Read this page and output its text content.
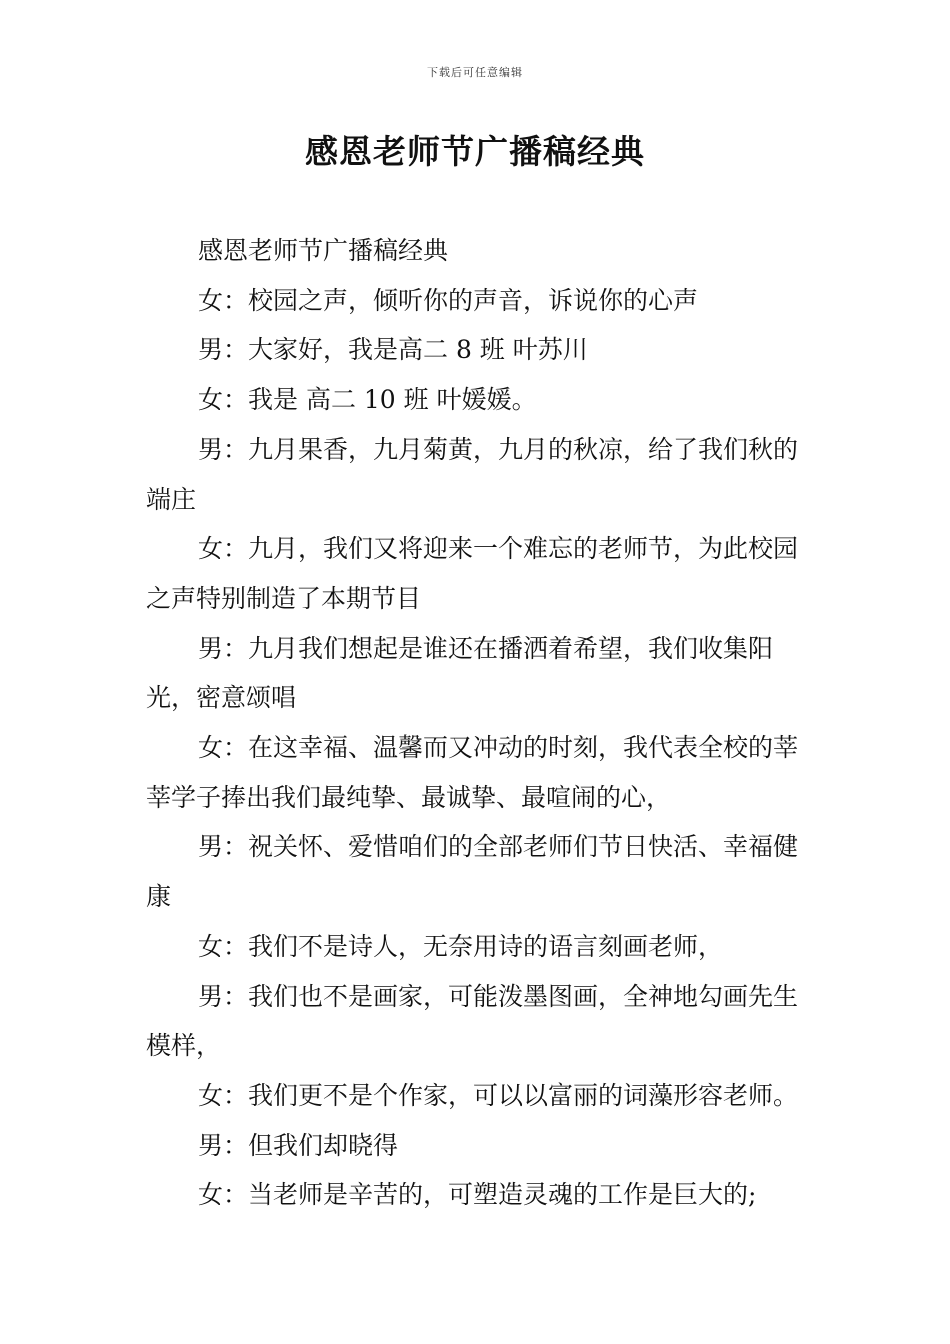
下载后可任意编辑
感恩老师节广播稿经典

感恩老师节广播稿经典

女：校园之声，倾听你的声音，诉说你的心声

男：大家好，我是高二 8 班 叶苏川

女：我是 高二 10 班 叶媛媛。

男：九月果香，九月菊黄，九月的秋凉，给了我们秋的端庄

女：九月，我们又将迎来一个难忘的老师节，为此校园之声特别制造了本期节目

男：九月我们想起是谁还在播洒着希望，我们收集阳光，密意颂唱

女：在这幸福、温馨而又冲动的时刻，我代表全校的莘莘学子捧出我们最纯挚、最诚挚、最喧闹的心，

男：祝关怀、爱惜咱们的全部老师们节日快活、幸福健康

女：我们不是诗人，无奈用诗的语言刻画老师，

男：我们也不是画家，可能泼墨图画，全神地勾画先生模样，

女：我们更不是个作家，可以以富丽的词藻形容老师。

男：但我们却晓得

女：当老师是辛苦的，可塑造灵魂的工作是巨大的;
